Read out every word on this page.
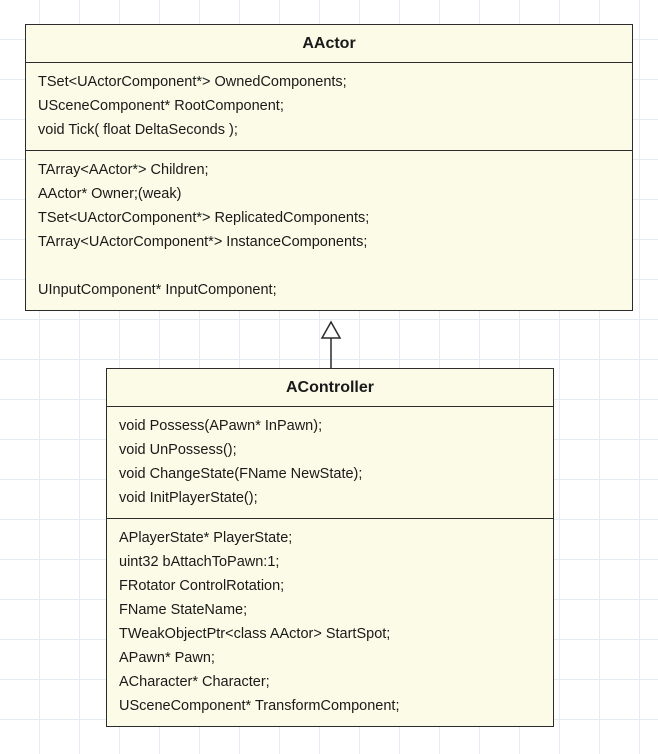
AActor
TSet<UActorComponent*> OwnedComponents;
USceneComponent* RootComponent;
void Tick( float DeltaSeconds );
TArray<AActor*> Children;
AActor* Owner;(weak)
TSet<UActorComponent*> ReplicatedComponents;
TArray<UActorComponent*> InstanceComponents;
UInputComponent* InputComponent;
AController
void Possess(APawn* InPawn);
void UnPossess();
void ChangeState(FName NewState);
void InitPlayerState();
APlayerState* PlayerState;
uint32 bAttachToPawn:1;
FRotator ControlRotation;
FName StateName;
TWeakObjectPtr<class AActor> StartSpot;
APawn* Pawn;
ACharacter* Character;
USceneComponent* TransformComponent;
